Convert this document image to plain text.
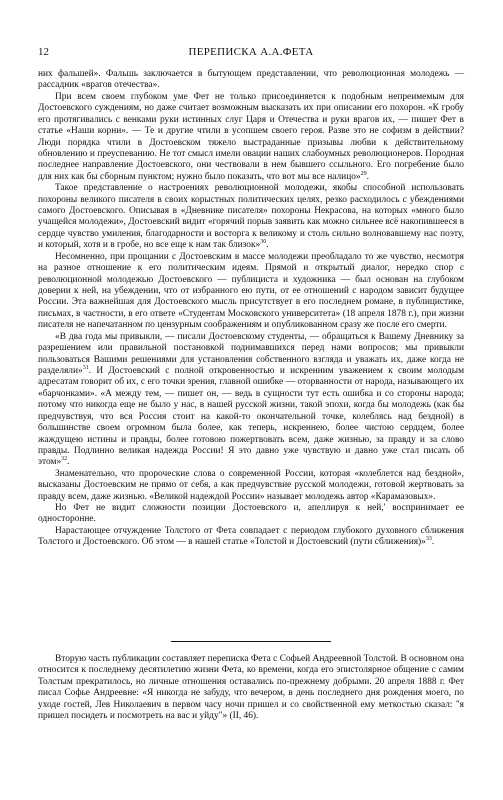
12	ПЕРЕПИСКА А.А.ФЕТА

них фальшей». Фальшь заключается в бытующем представлении, что революционная молодежь — рассадник «врагов отечества».

При всем своем глубоком уме Фет не только присоединяется к подобным непреимемым для Достоевского суждениям, но даже считает возможным высказать их при описании его похорон. «К гробу его протягивались с венками руки истинных слуг Царя и Отечества и руки врагов их, — пишет Фет в статье «Наши корни». — Те и другие чтили в усопшем своего героя. Разве это не софизм в действии? Люди порядка чтили в Достоевском тяжело выстраданные призывы любви к действительному обновлению и преуспеванию. Не тот смысл имели овации наших слабоумных революционеров. Породная последнее направление Достоевского, они чествовали в нем бывшего ссыльного. Его погребение было для них как бы сборным пунктом; нужно было показать, что вот мы все налицо»$^{29}$.

Такое представление о настроениях революционной молодежи, якобы способной использовать похороны великого писателя в своих корыстных политических целях, резко расходилось с убеждениями самого Достоевского. Описывая в «Дневнике писателя» похороны Некрасова, на которых «много было учащейся молодежи», Достоевский видит «горячий порыв заявить как можно сильнее всё накопившееся в сердце чувство умиления, благодарности и восторга к великому и столь сильно волновавшему нас поэту, и который, хотя и в гробе, но все еще к нам так близок»$^{30}$.

Несомненно, при прощании с Достоевским в массе молодежи преобладало то же чувство, несмотря на разное отношение к его политическим идеям. Прямой и открытый диалог, нередко спор с революционной молодежью Достоевского — публициста и художника — был основан на глубоком доверии к ней, на убеждении, что от избранного ею пути, от ее отношений с народом зависит будущее России. Эта важнейшая для Достоевского мысль присутствует в его последнем романе, в публицистике, письмах, в частности, в его ответе «Студентам Московского университета» (18 апреля 1878 г.), при жизни писателя не напечатанном по цензурным соображениям и опубликованном сразу же после его смерти.

«В два года мы привыкли, — писали Достоевскому студенты, — обращаться к Вашему Дневнику за разрешением или правильной постановкой поднимавшихся перед нами вопросов; мы привыкли пользоваться Вашими решениями для установления собственного взгляда и уважать их, даже когда не разделяли»$^{31}$. И Достоевский с полной откровенностью и искренним уважением к своим молодым адресатам говорит об их, с его точки зрения, главной ошибке — оторванности от народа, называющего их «барчонками». «А между тем, — пишет он, — ведь в сущности тут есть ошибка и со стороны народа; потому что никогда еще не было у нас, в нашей русской жизни, такой эпохи, когда бы молодежь (как бы предчувствуя, что вся Россия стоит на какой-то окончательной точке, колеблясь над бездной) в большинстве своем огромном была более, как теперь, искреннею, более чистою сердцем, более жаждущею истины и правды, более готовою пожертвовать всем, даже жизнью, за правду и за слово правды. Подлинно великая надежда России! Я это давно уже чувствую и давно уже стал писать об этом»$^{32}$.

Знаменательно, что пророческие слова о современной России, которая «колеблется над бездной», высказаны Достоевским не прямо от себя, а как предчувствие русской молодежи, готовой жертвовать за правду всем, даже жизнью. «Великой надеждой России» называет молодежь автор «Карамазовых».

Но Фет не видит сложности позиции Достоевского и, апеллируя к ней,' воспринимает ее односторонне.

Нарастающее отчуждение Толстого от Фета совпадает с периодом глубокого духовного сближения Толстого и Достоевского. Об этом — в нашей статье «Толстой и Достоевский (пути сближения)»$^{33}$.

Вторую часть публикации составляет переписка Фета с Софьей Андреевной Толстой. В основном она относится к последнему десятилетию жизни Фета, ко времени, когда его эпистолярное общение с самим Толстым прекратилось, но личные отношения оставались по-прежнему добрыми. 20 апреля 1888 г. Фет писал Софье Андреевне: «Я никогда не забуду, что вечером, в день последнего дня рождения моего, по уходе гостей, Лев Николаевич в первом часу ночи пришел и со свойственной ему меткостью сказал: "я пришел посидеть и посмотреть на вас и уйду"» (II, 46).
